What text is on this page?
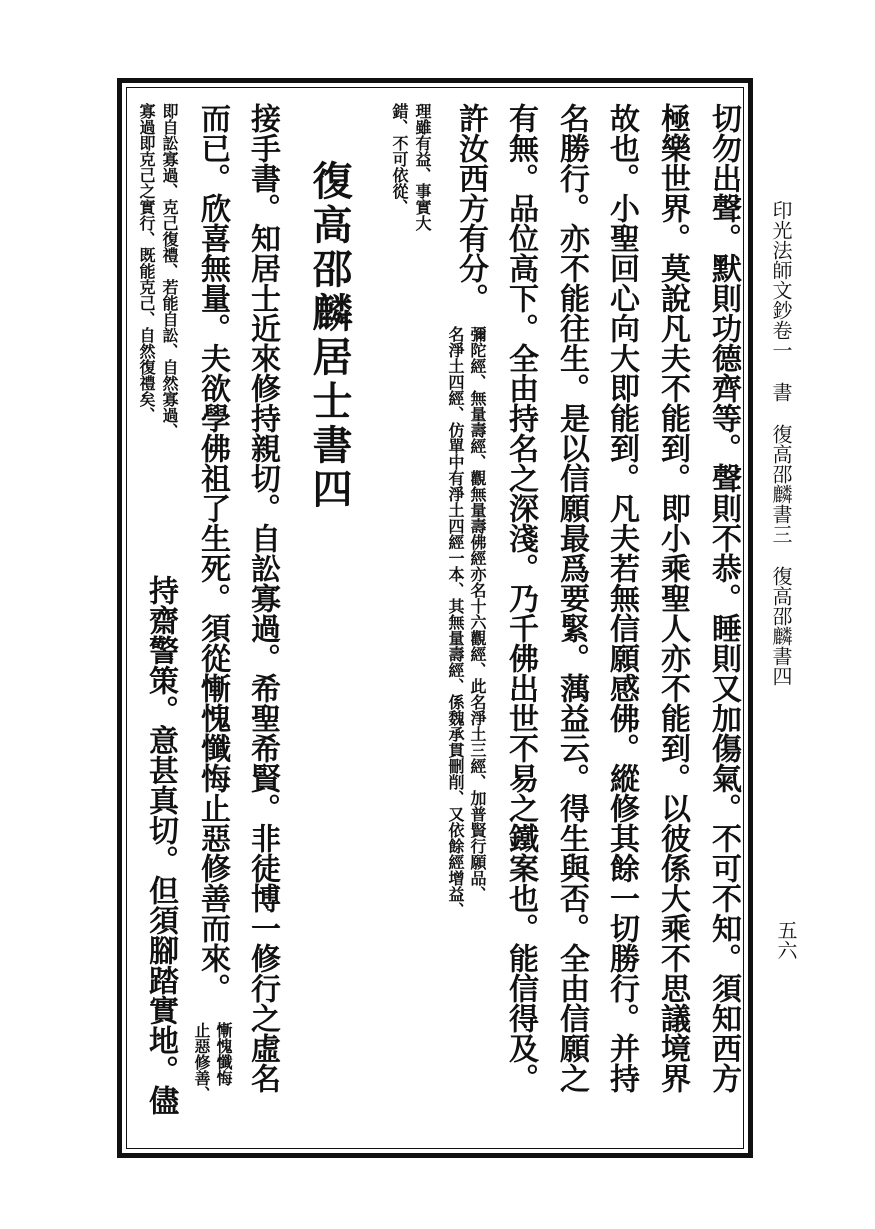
印光法師文鈔卷一書復高邵麟書三復高邵麟書四
五六
切勿出聲。默則功德齊等。聲則不恭。睡則又加傷氣。不可不知。須知西方
極樂世界。莫說凡夫不能到。即小乘聖人亦不能到。以彼係大乘不思議境界
故也。小聖回心向大即能到。凡夫若無信願感佛。縱修其餘一切勝行。并持
名勝行。亦不能往生。是以信願最爲要緊。蕅益云。得生與否。全由信願之
有無。品位高下。全由持名之深淺。乃千佛出世不易之鐵案也。能信得及。
許汝西方有分。
彌陀經、無量壽經、觀無量壽佛經亦名十六觀經、此名淨土三經、加普賢行願品、
名淨土四經、仿單中有淨土四經一本、其無量壽經、係魏承貫刪削、又依餘經增益、
理雖有益、事實大
錯、不可依從、
復高邵麟居士書四
接手書。知居士近來修持親切。自訟寡過。希聖希賢。非徒博一修行之虛名
而已。欣喜無量。夫欲學佛祖了生死。須從慚愧懺悔止惡修善而來。
慚愧懺悔
止惡修善、
即自訟寡過、克己復禮、若能自訟、自然寡過、
寡過即克己之實行、既能克己、自然復禮矣、
持齋警策。意甚真切。但須腳踏實地。儘
